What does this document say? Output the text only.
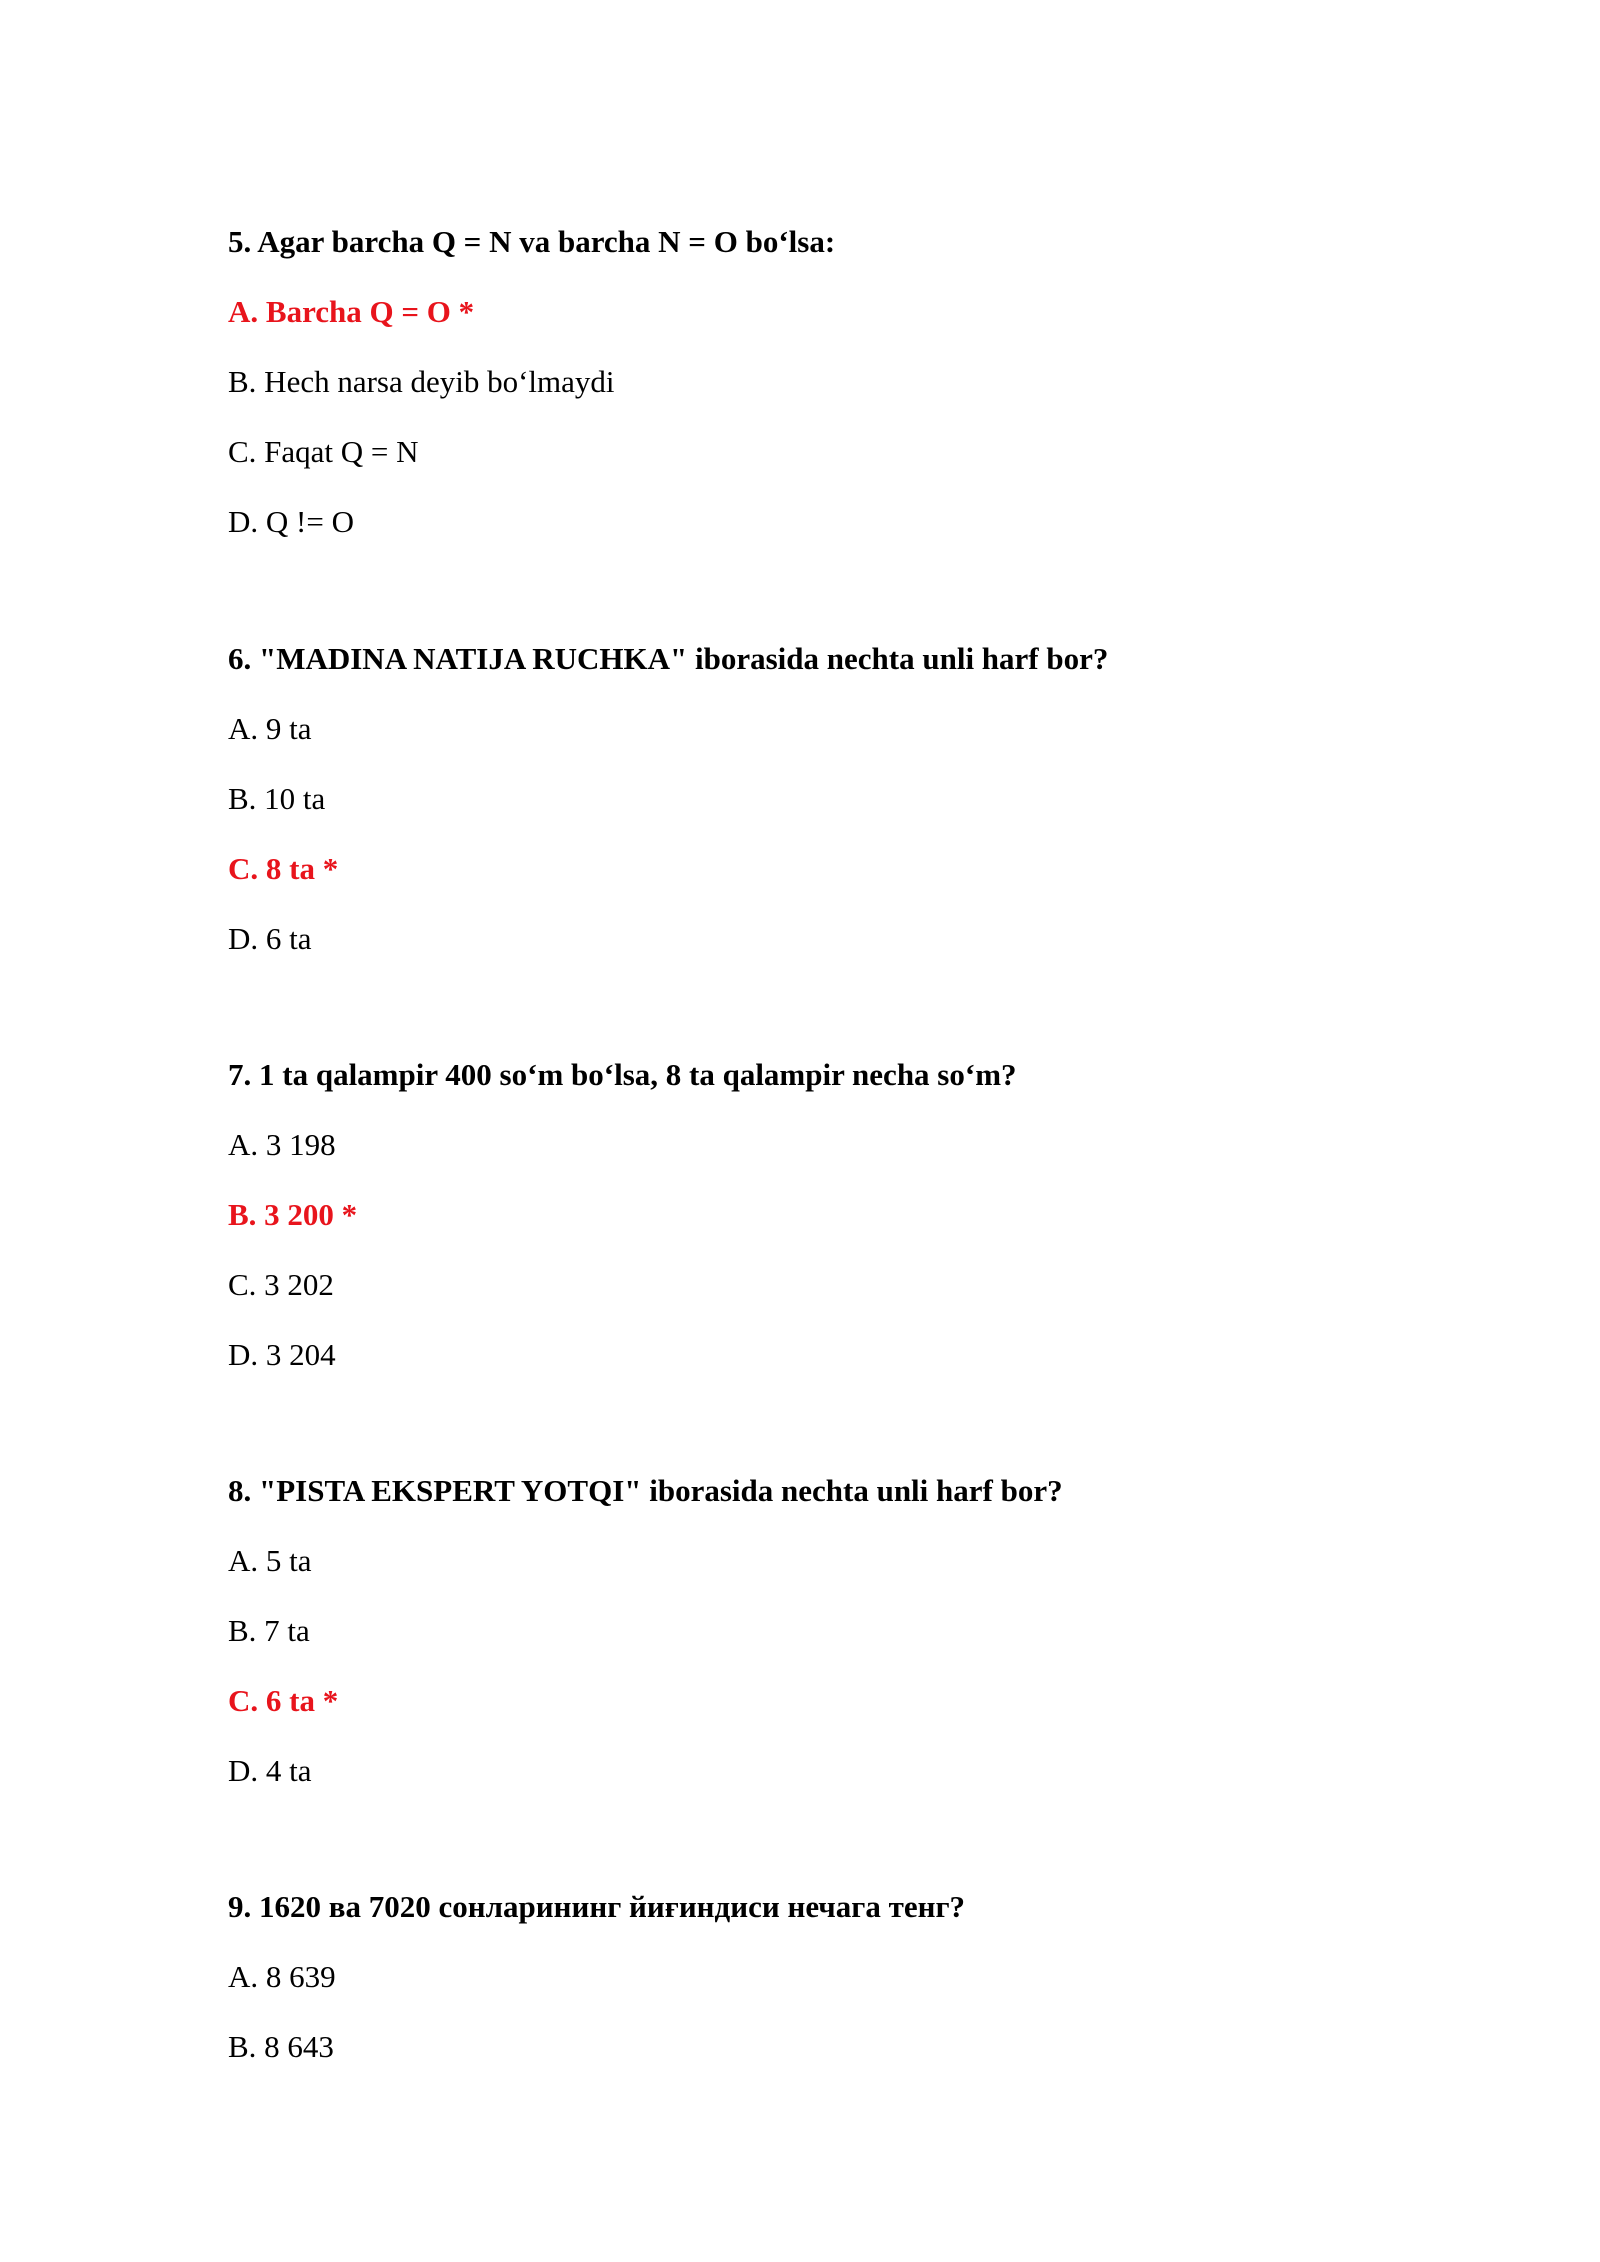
5. Agar barcha Q = N va barcha N = O bo‘lsa:
A. Barcha Q = O *
B. Hech narsa deyib bo‘lmaydi
C. Faqat Q = N
D. Q != O
6. "MADINA NATIJA RUCHKA" iborasida nechta unli harf bor?
A. 9 ta
B. 10 ta
C. 8 ta *
D. 6 ta
7. 1 ta qalampir 400 so‘m bo‘lsa, 8 ta qalampir necha so‘m?
A. 3 198
B. 3 200 *
C. 3 202
D. 3 204
8. "PISTA EKSPERT YOTQI" iborasida nechta unli harf bor?
A. 5 ta
B. 7 ta
C. 6 ta *
D. 4 ta
9. 1620 ва 7020 сонларининг йиғиндиси нечага тенг?
A. 8 639
B. 8 643
